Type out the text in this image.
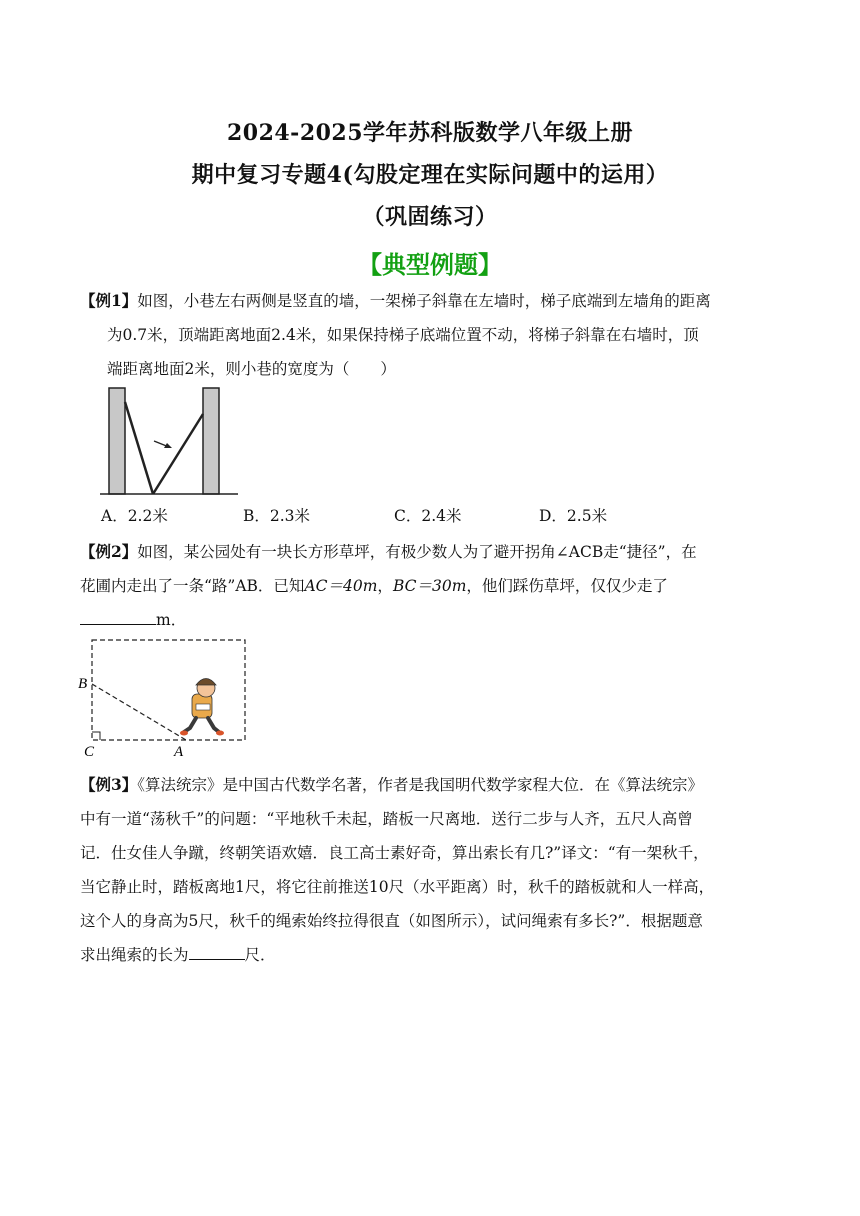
2024-2025学年苏科版数学八年级上册
期中复习专题4(勾股定理在实际问题中的运用）
（巩固练习）
【典型例题】
【例1】如图，小巷左右两侧是竖直的墙，一架梯子斜靠在左墙时，梯子底端到左墙角的距离
为0.7米，顶端距离地面2.4米，如果保持梯子底端位置不动，将梯子斜靠在右墙时，顶
端距离地面2米，则小巷的宽度为（　　）
A．2.2米	B．2.3米	C．2.4米	D．2.5米
【例2】如图，某公园处有一块长方形草坪，有极少数人为了避开拐角∠ACB走“捷径”，在
花圃内走出了一条“路”AB．已知AC＝40m，BC＝30m，他们踩伤草坪，仅仅少走了
m．
B
C	A
【例3】《算法统宗》是中国古代数学名著，作者是我国明代数学家程大位．在《算法统宗》
中有一道“荡秋千”的问题：“平地秋千未起，踏板一尺离地．送行二步与人齐，五尺人高曾
记．仕女佳人争蹴，终朝笑语欢嬉．良工高士素好奇，算出索长有几?”译文：“有一架秋千，
当它静止时，踏板离地1尺，将它往前推送10尺（水平距离）时，秋千的踏板就和人一样高，
这个人的身高为5尺，秋千的绳索始终拉得很直（如图所示），试问绳索有多长?”．根据题意
求出绳索的长为	尺．
